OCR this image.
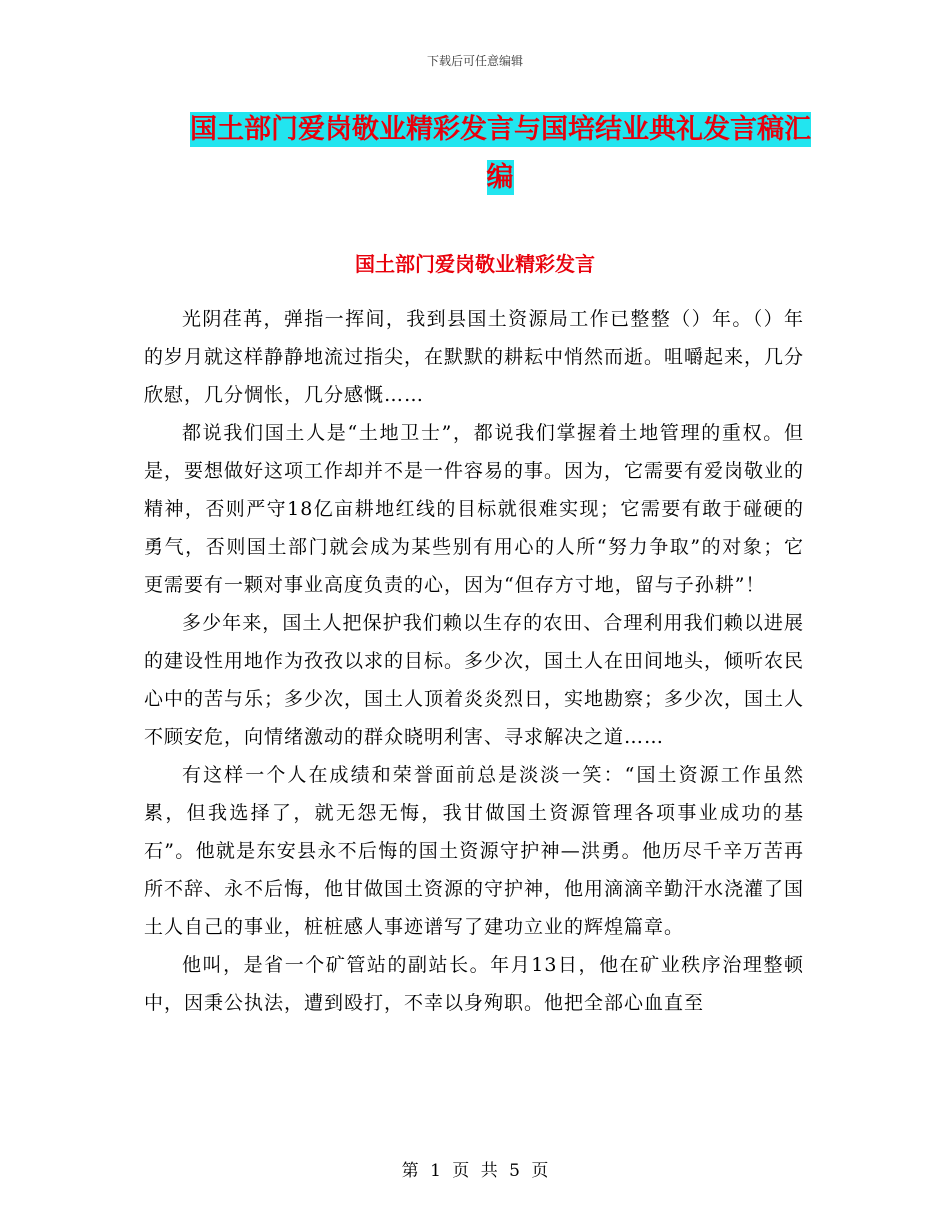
下载后可任意编辑
国土部门爱岗敬业精彩发言与国培结业典礼发言稿汇
编
国土部门爱岗敬业精彩发言

光阴荏苒，弹指一挥间，我到县国土资源局工作已整整（）年。（）年的岁月就这样静静地流过指尖，在默默的耕耘中悄然而逝。咀嚼起来，几分欣慰，几分惆怅，几分感慨……

都说我们国土人是“土地卫士”，都说我们掌握着土地管理的重权。但是，要想做好这项工作却并不是一件容易的事。因为，它需要有爱岗敬业的精神，否则严守18亿亩耕地红线的目标就很难实现；它需要有敢于碰硬的勇气，否则国土部门就会成为某些别有用心的人所“努力争取”的对象；它更需要有一颗对事业高度负责的心，因为“但存方寸地，留与子孙耕”！

多少年来，国土人把保护我们赖以生存的农田、合理利用我们赖以进展的建设性用地作为孜孜以求的目标。多少次，国土人在田间地头，倾听农民心中的苦与乐；多少次，国土人顶着炎炎烈日，实地勘察；多少次，国土人不顾安危，向情绪激动的群众晓明利害、寻求解决之道……

有这样一个人在成绩和荣誉面前总是淡淡一笑：“国土资源工作虽然累，但我选择了，就无怨无悔，我甘做国土资源管理各项事业成功的基石”。他就是东安县永不后悔的国土资源守护神—洪勇。他历尽千辛万苦再所不辞、永不后悔，他甘做国土资源的守护神，他用滴滴辛勤汗水浇灌了国土人自己的事业，桩桩感人事迹谱写了建功立业的辉煌篇章。

他叫，是省一个矿管站的副站长。年月13日，他在矿业秩序治理整顿中，因秉公执法，遭到殴打，不幸以身殉职。他把全部心血直至

第 1 页 共 5 页
